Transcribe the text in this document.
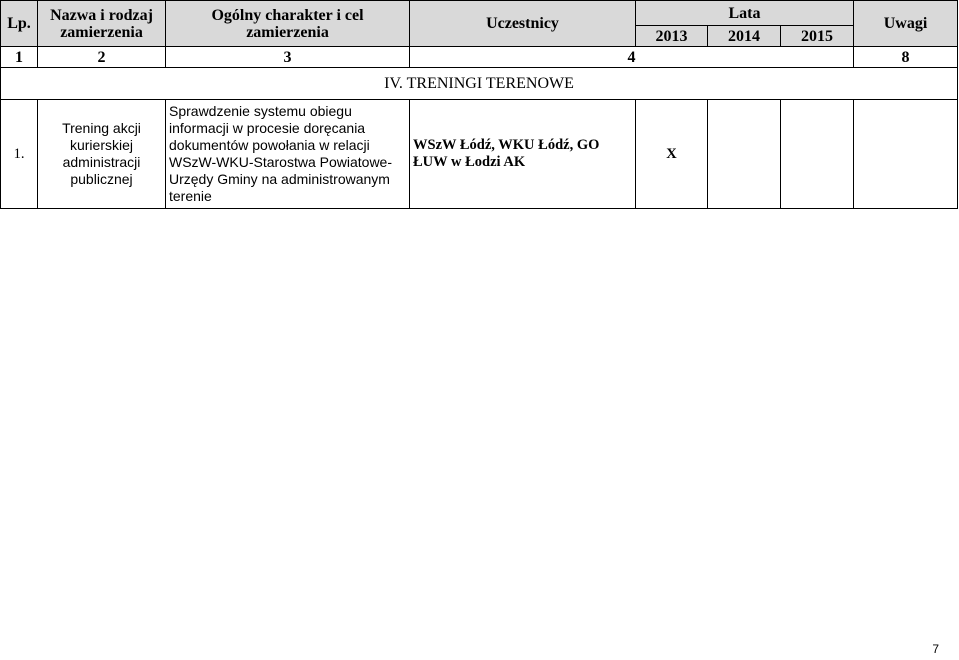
Lp.	Nazwa i rodzaj zamierzenia	Ogólny charakter i cel zamierzenia	Uczestnicy	Lata			Uwagi
				2013	2014	2015	
1	2	3	4				8
IV. TRENINGI TERENOWE							
1.	Trening akcji kurierskiej administracji publicznej	Sprawdzenie systemu obiegu informacji w procesie doręcania dokumentów powołania w relacji WSzW-WKU-Starostwa Powiatowe-Urzędy Gminy na administrowanym terenie	WSzW Łódź, WKU Łódź, GO ŁUW w Łodzi AK	X			
7
